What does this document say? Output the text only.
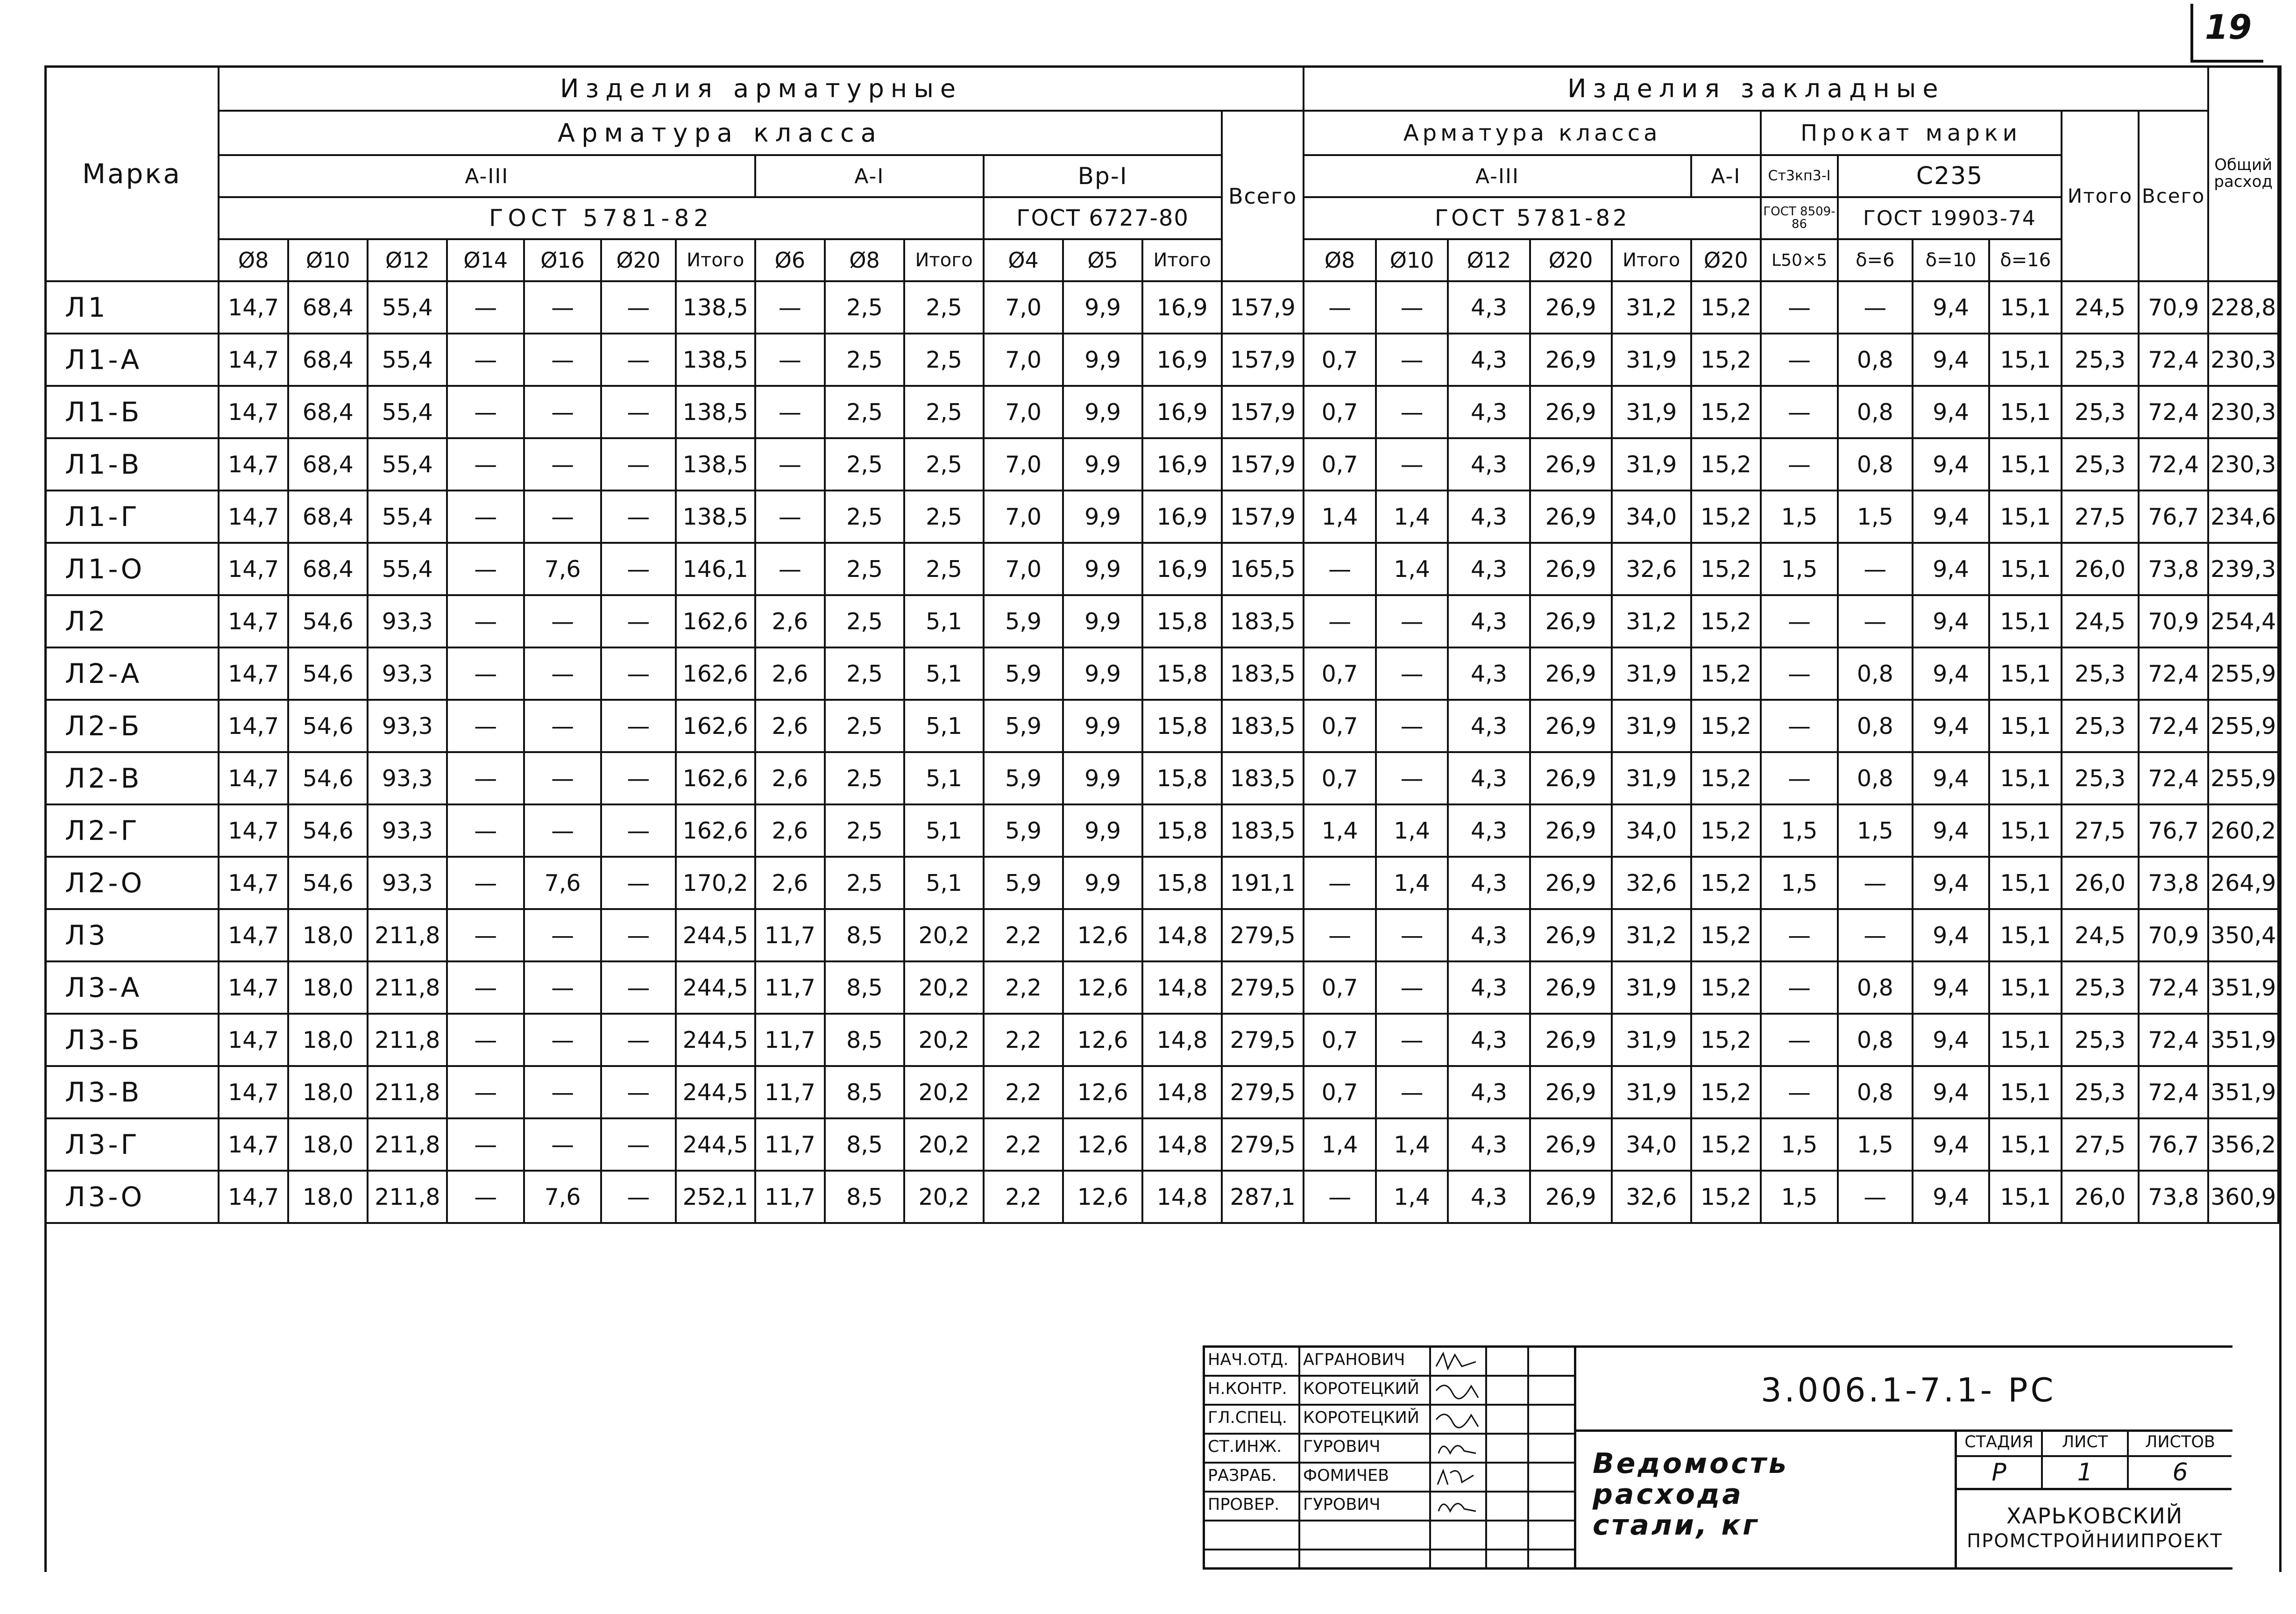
19
Марка	Изделия арматурные														Изделия закладные												Общий расход
	Арматура класса													Всего	Арматура класса						Прокат марки				Итого	Всего	
	A-III							A-I			Bp-I				A-III					A-I	Ст3кп3-I	С235					
	ГОСТ 5781-82										ГОСТ 6727-80				ГОСТ 5781-82						ГОСТ 8509-86	ГОСТ 19903-74					
	Ø8	Ø10	Ø12	Ø14	Ø16	Ø20	Итого	Ø6	Ø8	Итого	Ø4	Ø5	Итого		Ø8	Ø10	Ø12	Ø20	Итого	Ø20	L50×5	δ=6	δ=10	δ=16			
Л1	14,7	68,4	55,4	—	—	—	138,5	—	2,5	2,5	7,0	9,9	16,9	157,9	—	—	4,3	26,9	31,2	15,2	—	—	9,4	15,1	24,5	70,9	228,8
Л1-А	14,7	68,4	55,4	—	—	—	138,5	—	2,5	2,5	7,0	9,9	16,9	157,9	0,7	—	4,3	26,9	31,9	15,2	—	0,8	9,4	15,1	25,3	72,4	230,3
Л1-Б	14,7	68,4	55,4	—	—	—	138,5	—	2,5	2,5	7,0	9,9	16,9	157,9	0,7	—	4,3	26,9	31,9	15,2	—	0,8	9,4	15,1	25,3	72,4	230,3
Л1-В	14,7	68,4	55,4	—	—	—	138,5	—	2,5	2,5	7,0	9,9	16,9	157,9	0,7	—	4,3	26,9	31,9	15,2	—	0,8	9,4	15,1	25,3	72,4	230,3
Л1-Г	14,7	68,4	55,4	—	—	—	138,5	—	2,5	2,5	7,0	9,9	16,9	157,9	1,4	1,4	4,3	26,9	34,0	15,2	1,5	1,5	9,4	15,1	27,5	76,7	234,6
Л1-О	14,7	68,4	55,4	—	7,6	—	146,1	—	2,5	2,5	7,0	9,9	16,9	165,5	—	1,4	4,3	26,9	32,6	15,2	1,5	—	9,4	15,1	26,0	73,8	239,3
Л2	14,7	54,6	93,3	—	—	—	162,6	2,6	2,5	5,1	5,9	9,9	15,8	183,5	—	—	4,3	26,9	31,2	15,2	—	—	9,4	15,1	24,5	70,9	254,4
Л2-А	14,7	54,6	93,3	—	—	—	162,6	2,6	2,5	5,1	5,9	9,9	15,8	183,5	0,7	—	4,3	26,9	31,9	15,2	—	0,8	9,4	15,1	25,3	72,4	255,9
Л2-Б	14,7	54,6	93,3	—	—	—	162,6	2,6	2,5	5,1	5,9	9,9	15,8	183,5	0,7	—	4,3	26,9	31,9	15,2	—	0,8	9,4	15,1	25,3	72,4	255,9
Л2-В	14,7	54,6	93,3	—	—	—	162,6	2,6	2,5	5,1	5,9	9,9	15,8	183,5	0,7	—	4,3	26,9	31,9	15,2	—	0,8	9,4	15,1	25,3	72,4	255,9
Л2-Г	14,7	54,6	93,3	—	—	—	162,6	2,6	2,5	5,1	5,9	9,9	15,8	183,5	1,4	1,4	4,3	26,9	34,0	15,2	1,5	1,5	9,4	15,1	27,5	76,7	260,2
Л2-О	14,7	54,6	93,3	—	7,6	—	170,2	2,6	2,5	5,1	5,9	9,9	15,8	191,1	—	1,4	4,3	26,9	32,6	15,2	1,5	—	9,4	15,1	26,0	73,8	264,9
Л3	14,7	18,0	211,8	—	—	—	244,5	11,7	8,5	20,2	2,2	12,6	14,8	279,5	—	—	4,3	26,9	31,2	15,2	—	—	9,4	15,1	24,5	70,9	350,4
Л3-А	14,7	18,0	211,8	—	—	—	244,5	11,7	8,5	20,2	2,2	12,6	14,8	279,5	0,7	—	4,3	26,9	31,9	15,2	—	0,8	9,4	15,1	25,3	72,4	351,9
Л3-Б	14,7	18,0	211,8	—	—	—	244,5	11,7	8,5	20,2	2,2	12,6	14,8	279,5	0,7	—	4,3	26,9	31,9	15,2	—	0,8	9,4	15,1	25,3	72,4	351,9
Л3-В	14,7	18,0	211,8	—	—	—	244,5	11,7	8,5	20,2	2,2	12,6	14,8	279,5	0,7	—	4,3	26,9	31,9	15,2	—	0,8	9,4	15,1	25,3	72,4	351,9
Л3-Г	14,7	18,0	211,8	—	—	—	244,5	11,7	8,5	20,2	2,2	12,6	14,8	279,5	1,4	1,4	4,3	26,9	34,0	15,2	1,5	1,5	9,4	15,1	27,5	76,7	356,2
Л3-О	14,7	18,0	211,8	—	7,6	—	252,1	11,7	8,5	20,2	2,2	12,6	14,8	287,1	—	1,4	4,3	26,9	32,6	15,2	1,5	—	9,4	15,1	26,0	73,8	360,9

НАЧ.ОТД. АГРАНОВИЧ
Н.КОНТР. КОРОТЕЦКИЙ
ГЛ.СПЕЦ. КОРОТЕЦКИЙ
СТ.ИНЖ.	ГУРОВИЧ
РАЗРАБ.	ФОМИЧЕВ
ПРОВЕР.	ГУРОВИЧ
3.006.1-7.1- РС
Ведомость расхода стали, кг
СТАДИЯ	ЛИСТ	ЛИСТОВ
Р	1	6
ХАРЬКОВСКИЙ
ПРОМСТРОЙНИИПРОЕКТ
